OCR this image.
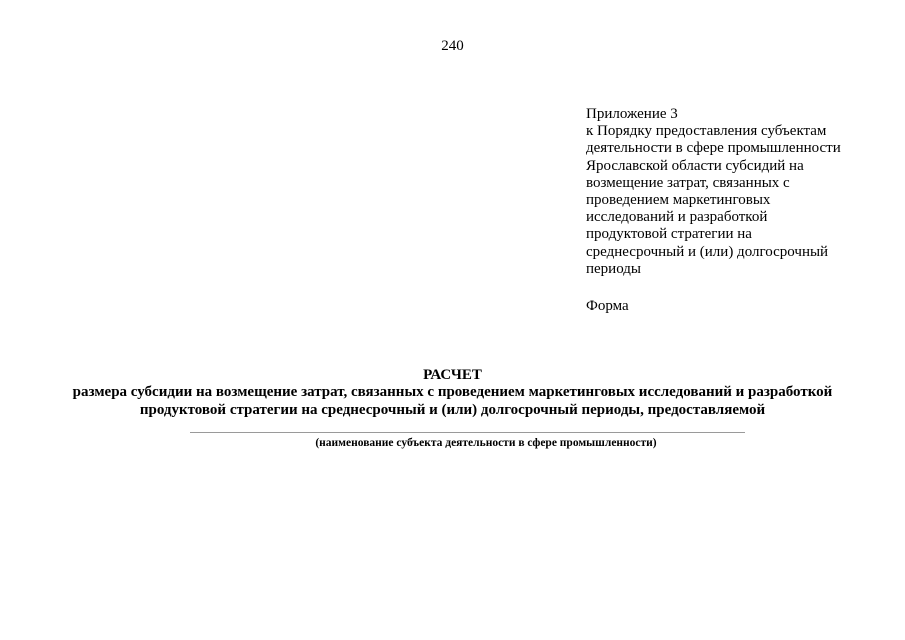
240
Приложение 3
к Порядку предоставления субъектам
деятельности в сфере промышленности
Ярославской области субсидий на
возмещение затрат, связанных с
проведением маркетинговых
исследований и разработкой
продуктовой стратегии на
среднесрочный и (или) долгосрочный
периоды
Форма
РАСЧЕТ
размера субсидии на возмещение затрат, связанных с проведением маркетинговых исследований и разработкой
продуктовой стратегии на среднесрочный и (или) долгосрочный периоды, предоставляемой
(наименование субъекта деятельности в сфере промышленности)
